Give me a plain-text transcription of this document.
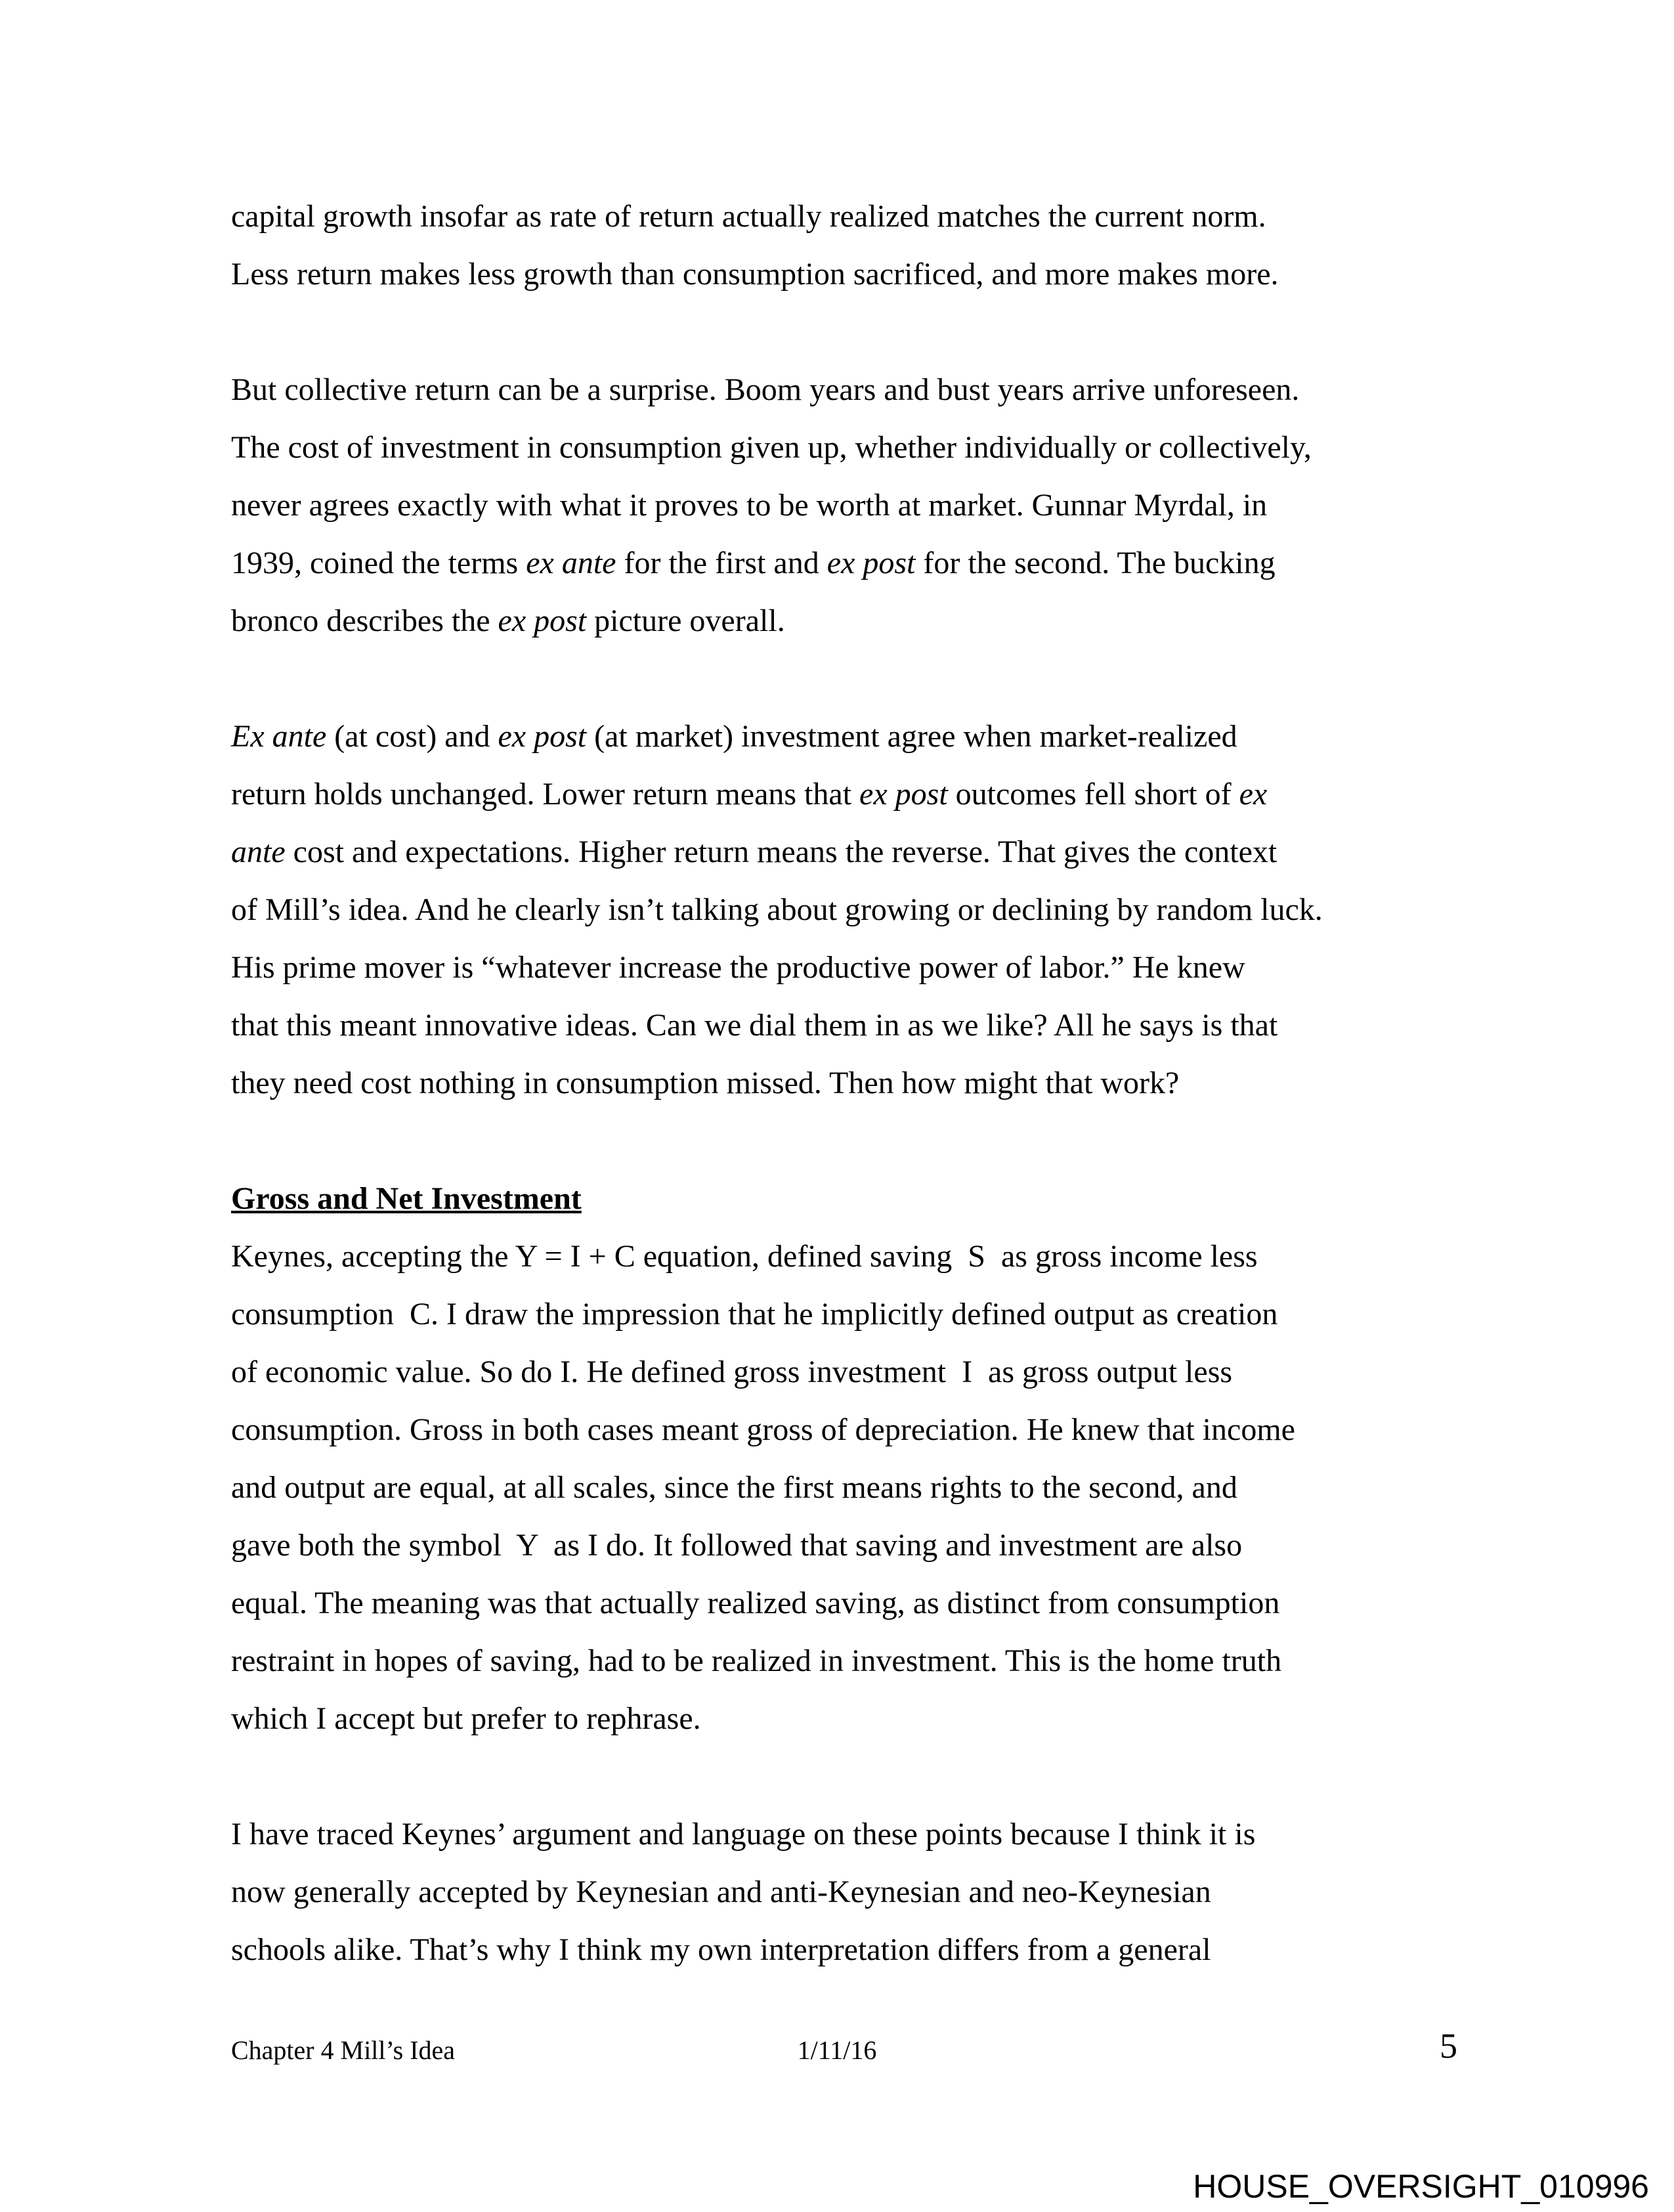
capital growth insofar as rate of return actually realized matches the current norm.
Less return makes less growth than consumption sacrificed, and more makes more.
But collective return can be a surprise. Boom years and bust years arrive unforeseen.
The cost of investment in consumption given up, whether individually or collectively,
never agrees exactly with what it proves to be worth at market. Gunnar Myrdal, in
1939, coined the terms ex ante for the first and ex post for the second. The bucking
bronco describes the ex post picture overall.
Ex ante (at cost) and ex post (at market) investment agree when market-realized
return holds unchanged. Lower return means that ex post outcomes fell short of ex
ante cost and expectations. Higher return means the reverse. That gives the context
of Mill’s idea. And he clearly isn’t talking about growing or declining by random luck.
His prime mover is “whatever increase the productive power of labor.” He knew
that this meant innovative ideas. Can we dial them in as we like? All he says is that
they need cost nothing in consumption missed. Then how might that work?
Gross and Net Investment
Keynes, accepting the Y = I + C equation, defined saving  S  as gross income less
consumption  C. I draw the impression that he implicitly defined output as creation
of economic value. So do I. He defined gross investment  I  as gross output less
consumption. Gross in both cases meant gross of depreciation. He knew that income
and output are equal, at all scales, since the first means rights to the second, and
gave both the symbol  Y  as I do. It followed that saving and investment are also
equal. The meaning was that actually realized saving, as distinct from consumption
restraint in hopes of saving, had to be realized in investment. This is the home truth
which I accept but prefer to rephrase.
I have traced Keynes’ argument and language on these points because I think it is
now generally accepted by Keynesian and anti-Keynesian and neo-Keynesian
schools alike. That’s why I think my own interpretation differs from a general
Chapter 4 Mill’s Idea	1/11/16	5
HOUSE_OVERSIGHT_010996
